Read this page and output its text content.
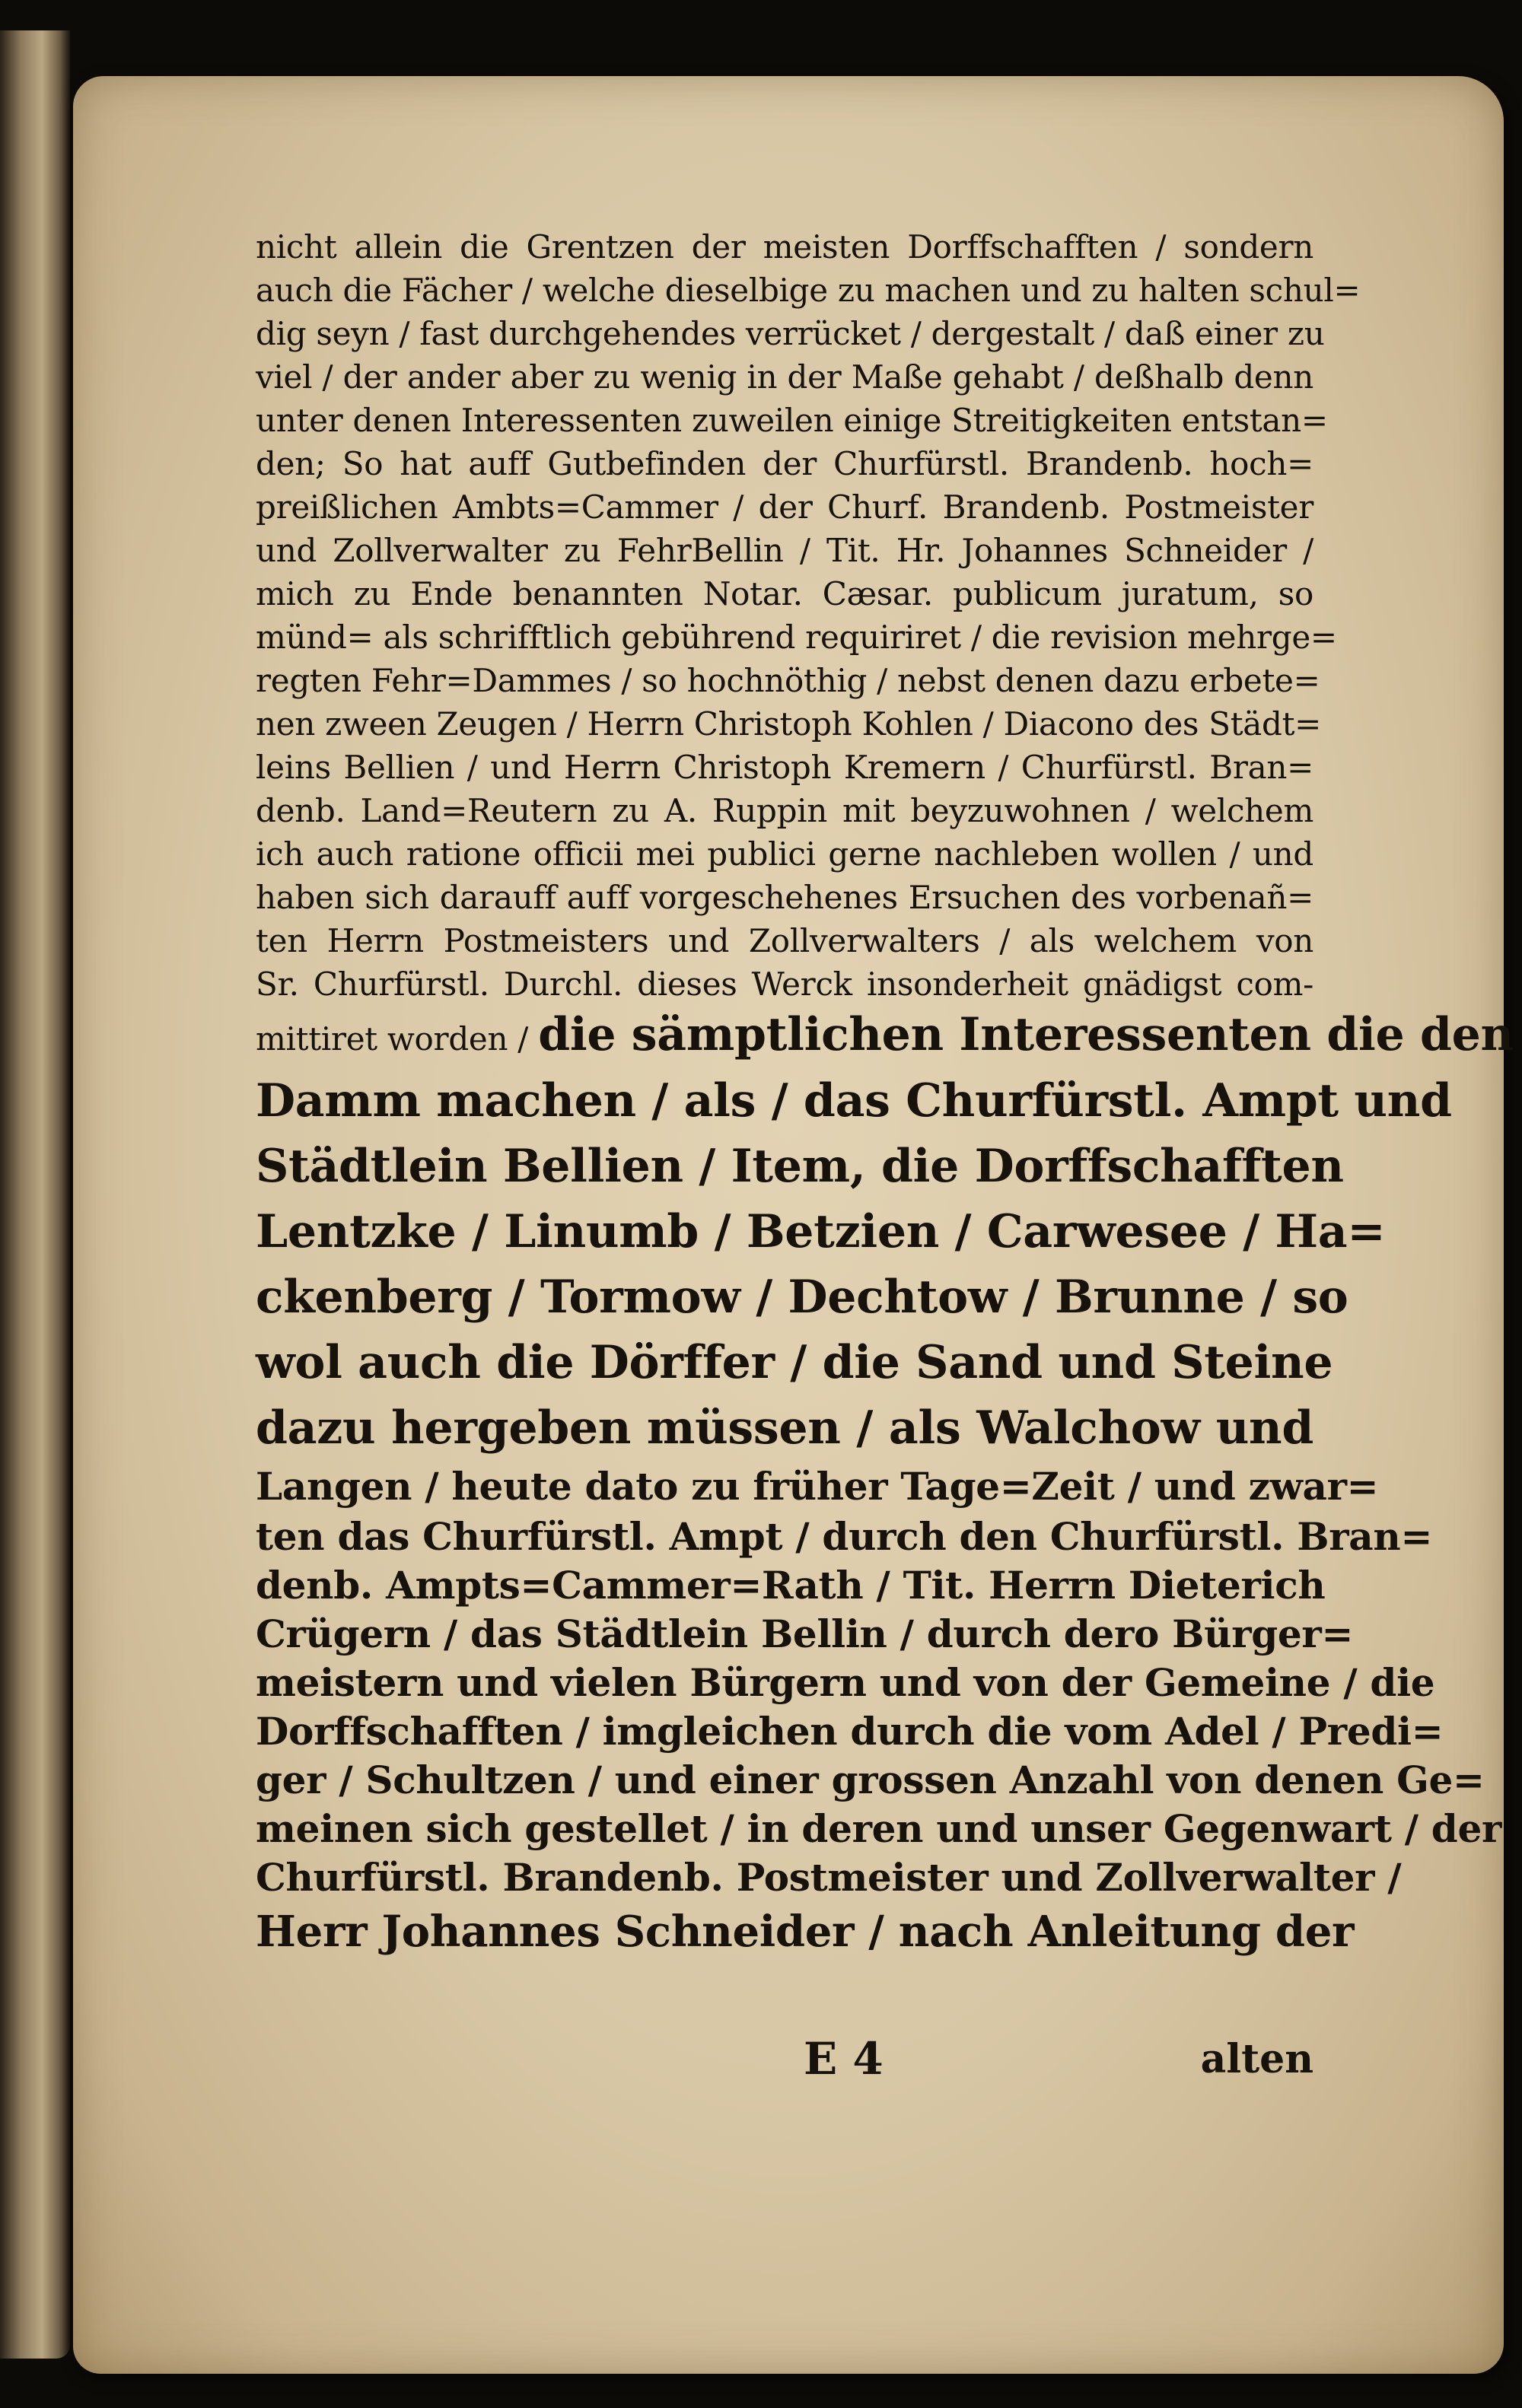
nicht allein die Grentzen der meisten Dorffschafften / sondern
auch die Fächer / welche dieselbige zu machen und zu halten schul=
dig seyn / fast durchgehendes verrücket / dergestalt / daß einer zu
viel / der ander aber zu wenig in der Maße gehabt / deßhalb denn
unter denen Interessenten zuweilen einige Streitigkeiten entstan=
den; So hat auff Gutbefinden der Churfürstl. Brandenb. hoch=
preißlichen Ambts=Cammer / der Churf. Brandenb. Postmeister
und Zollverwalter zu FehrBellin / Tit. Hr. Johannes Schneider /
mich zu Ende benannten Notar. Cæsar. publicum juratum, so
münd= als schrifftlich gebührend requiriret / die revision mehrge=
regten Fehr=Dammes / so hochnöthig / nebst denen dazu erbete=
nen zween Zeugen / Herrn Christoph Kohlen / Diacono des Städt=
leins Bellien / und Herrn Christoph Kremern / Churfürstl. Bran=
denb. Land=Reutern zu A. Ruppin mit beyzuwohnen / welchem
ich auch ratione officii mei publici gerne nachleben wollen / und
haben sich darauff auff vorgeschehenes Ersuchen des vorbenañ=
ten Herrn Postmeisters und Zollverwalters / als welchem von
Sr. Churfürstl. Durchl. dieses Werck insonderheit gnädigst com-
mittiret worden / die sämptlichen Interessenten die den
Damm machen / als / das Churfürstl. Ampt und
Städtlein Bellien / Item, die Dorffschafften
Lentzke / Linumb / Betzien / Carwesee / Ha=
ckenberg / Tormow / Dechtow / Brunne / so
wol auch die Dörffer / die Sand und Steine
dazu hergeben müssen / als Walchow und
Langen / heute dato zu früher Tage=Zeit / und zwar=
ten das Churfürstl. Ampt / durch den Churfürstl. Bran=
denb. Ampts=Cammer=Rath / Tit. Herrn Dieterich
Crügern / das Städtlein Bellin / durch dero Bürger=
meistern und vielen Bürgern und von der Gemeine / die
Dorffschafften / imgleichen durch die vom Adel / Predi=
ger / Schultzen / und einer grossen Anzahl von denen Ge=
meinen sich gestellet / in deren und unser Gegenwart / der
Churfürstl. Brandenb. Postmeister und Zollverwalter /
Herr Johannes Schneider / nach Anleitung der
E 4	alten
